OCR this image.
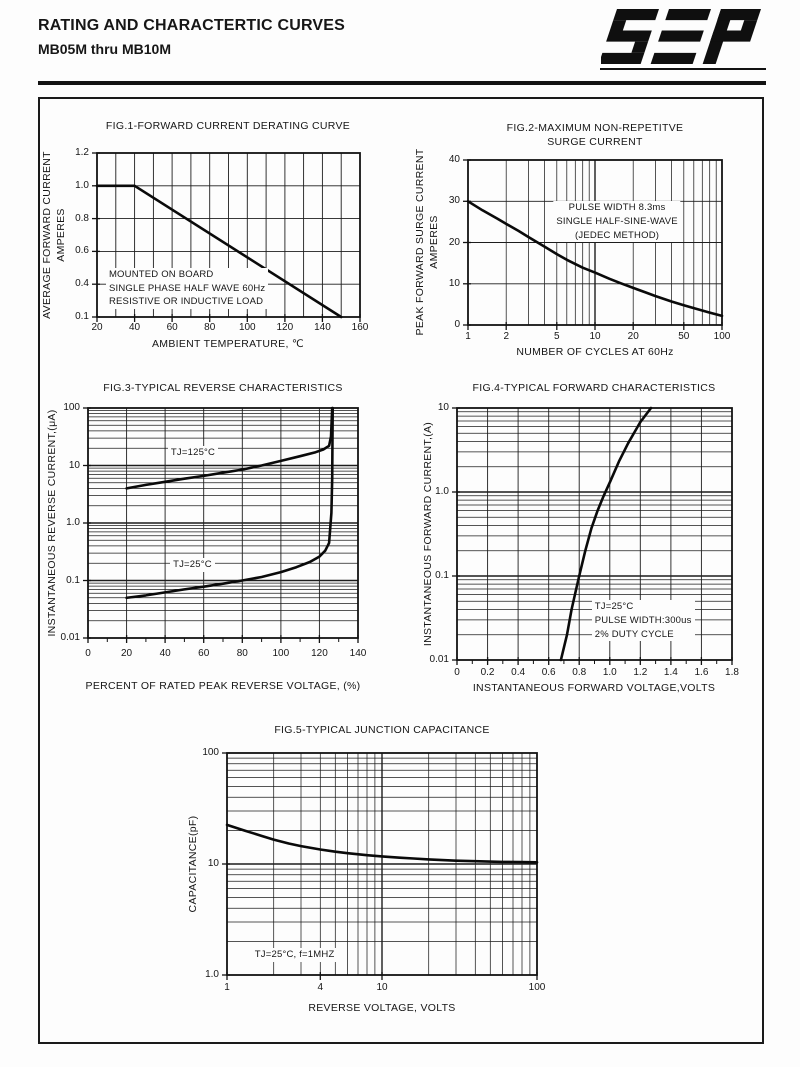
RATING AND CHARACTERTIC CURVES
MB05M thru MB10M
FIG.1-FORWARD CURRENT DERATING CURVE
AVERAGE FORWARD CURRENT AMPERES
AMBIENT TEMPERATURE, ℃
FIG.2-MAXIMUM NON-REPETITVE
SURGE CURRENT
PEAK FORWARD SURGE CURRENT AMPERES
NUMBER OF CYCLES AT 60Hz
FIG.3-TYPICAL REVERSE CHARACTERISTICS
INSTANTANEOUS REVERSE CURRENT,(μA)
PERCENT OF RATED PEAK REVERSE VOLTAGE, (%)
FIG.4-TYPICAL FORWARD CHARACTERISTICS
INSTANTANEOUS FORWARD CURRENT,(A)
INSTANTANEOUS FORWARD VOLTAGE,VOLTS
FIG.5-TYPICAL JUNCTION CAPACITANCE
CAPACITANCE(pF)
REVERSE VOLTAGE, VOLTS
20	40	60	80	100	120	140	160
1.2
1.0
0.8
0.6
0.4
0.1
MOUNTED ON BOARD
SINGLE PHASE HALF WAVE 60Hz
RESISTIVE OR INDUCTIVE LOAD
1	2	5	10	20	50	100
40
30
20
10
0
PULSE WIDTH 8.3ms
SINGLE HALF-SINE-WAVE
(JEDEC METHOD)
0	20	40	60	80	100	120	140
100
10
1.0
0.1
0.01
TJ=125°C
TJ=25°C
0	0.2	0.4	0.6	0.8	1.0	1.2	1.4	1.6	1.8
10
1.0
0.1
0.01
TJ=25°C
PULSE WIDTH:300us
2% DUTY CYCLE
1	4	10	100
100
10
1.0
TJ=25°C, f=1MHZ
